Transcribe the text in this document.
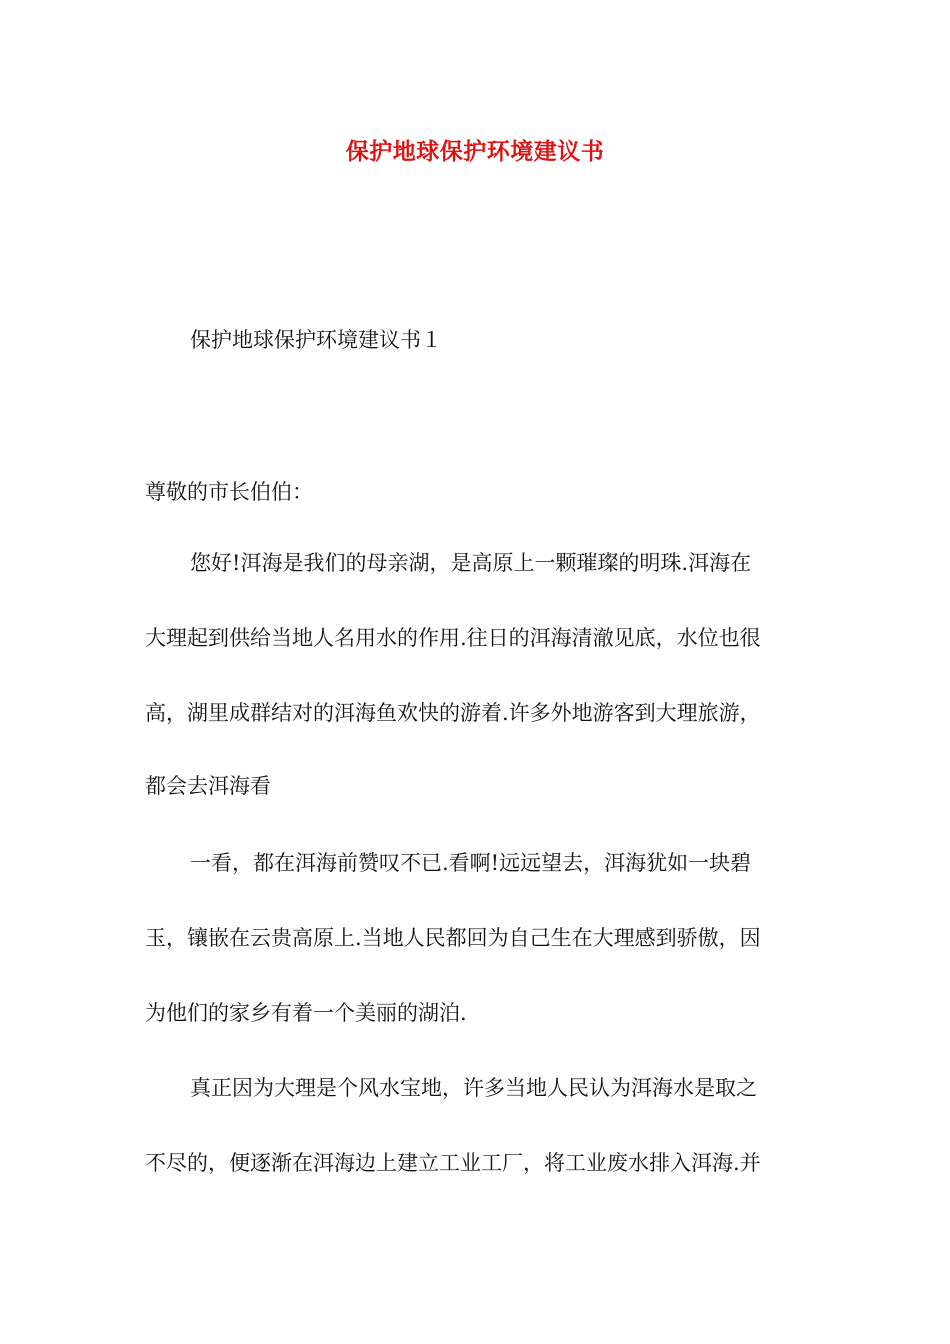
保护地球保护环境建议书
保护地球保护环境建议书１
尊敬的市长伯伯：
您好!洱海是我们的母亲湖，是高原上一颗璀璨的明珠.洱海在
大理起到供给当地人名用水的作用.往日的洱海清澈见底，水位也很
高，湖里成群结对的洱海鱼欢快的游着.许多外地游客到大理旅游，
都会去洱海看
一看，都在洱海前赞叹不已.看啊!远远望去，洱海犹如一块碧
玉，镶嵌在云贵高原上.当地人民都回为自己生在大理感到骄傲，因
为他们的家乡有着一个美丽的湖泊.
真正因为大理是个风水宝地，许多当地人民认为洱海水是取之
不尽的，便逐渐在洱海边上建立工业工厂，将工业废水排入洱海.并
